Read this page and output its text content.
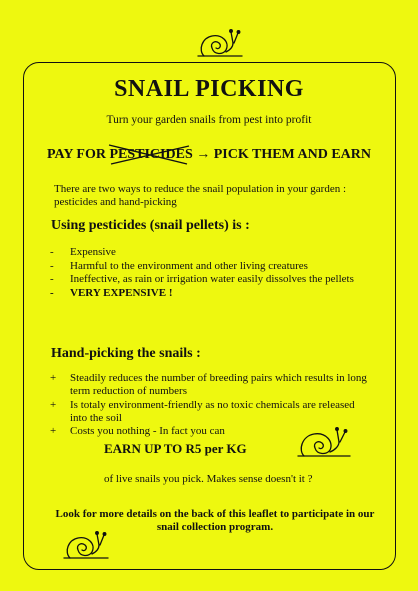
SNAIL PICKING
Turn your garden snails from pest into profit
PAY FOR PESTICIDES
→ PICK THEM AND EARN
There are two ways to reduce the snail population in your garden : pesticides and hand-picking
Using pesticides (snail pellets) is :
-	Expensive
-	Harmful to the environment and other living creatures
-	Ineffective, as rain or irrigation water easily dissolves the pellets
-	VERY EXPENSIVE !
Hand-picking the snails :
+	Steadily reduces the number of breeding pairs which results in long term reduction of numbers
+	Is totaly environment-friendly as no toxic chemicals are released into the soil
+	Costs you nothing - In fact you can
EARN UP TO R5 per KG
of live snails you pick. Makes sense doesn't it ?
Look for more details on the back of this leaflet to participate in our snail collection program.
